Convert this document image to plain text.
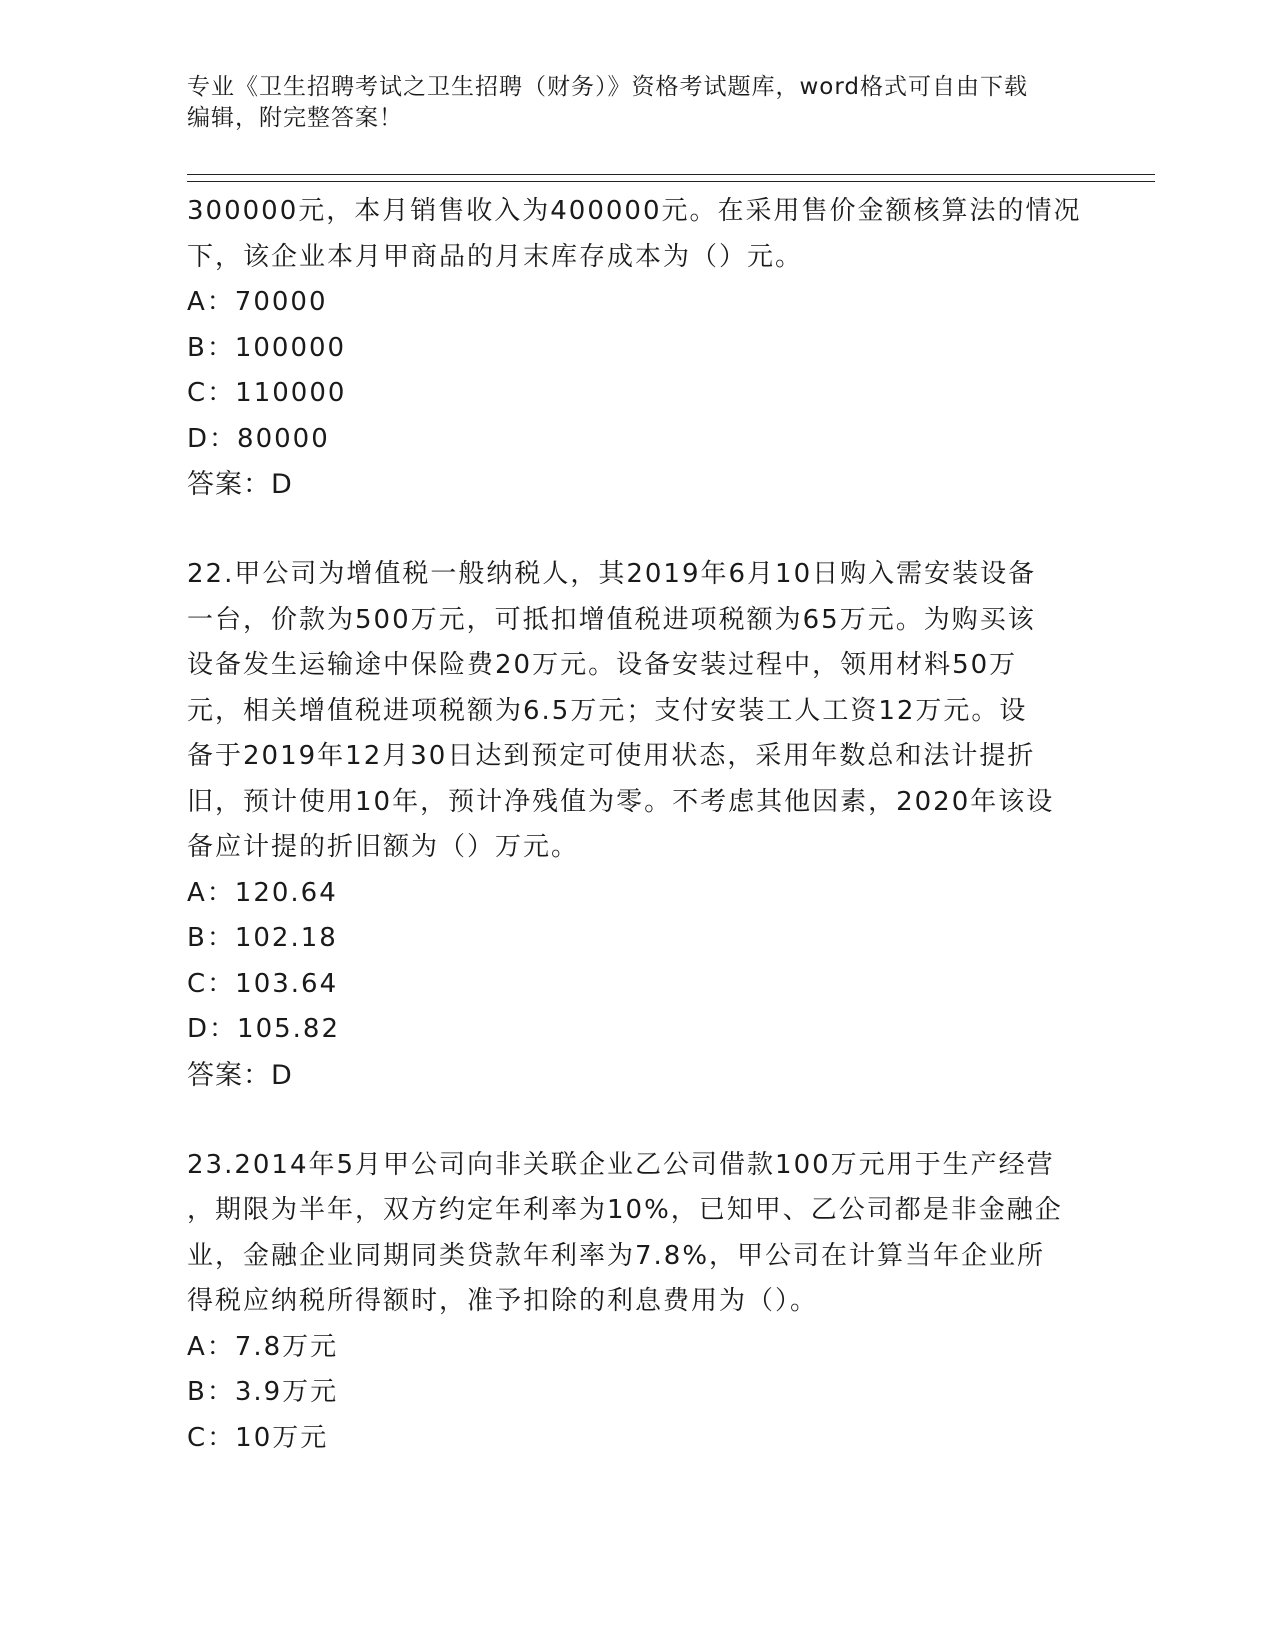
专业《卫生招聘考试之卫生招聘（财务）》资格考试题库，word格式可自由下载

编辑，附完整答案！

300000元，本月销售收入为400000元。在采用售价金额核算法的情况
下，该企业本月甲商品的月末库存成本为（）元。
A：70000
B：100000
C：110000
D：80000
答案：D
22.甲公司为增值税一般纳税人，其2019年6月10日购入需安装设备
一台，价款为500万元，可抵扣增值税进项税额为65万元。为购买该
设备发生运输途中保险费20万元。设备安装过程中，领用材料50万
元，相关增值税进项税额为6.5万元；支付安装工人工资12万元。设
备于2019年12月30日达到预定可使用状态，采用年数总和法计提折
旧，预计使用10年，预计净残值为零。不考虑其他因素，2020年该设
备应计提的折旧额为（）万元。
A：120.64
B：102.18
C：103.64
D：105.82
答案：D
23.2014年5月甲公司向非关联企业乙公司借款100万元用于生产经营
，期限为半年，双方约定年利率为10%，已知甲、乙公司都是非金融企
业，金融企业同期同类贷款年利率为7.8%，甲公司在计算当年企业所
得税应纳税所得额时，准予扣除的利息费用为（）。
A：7.8万元
B：3.9万元
C：10万元
